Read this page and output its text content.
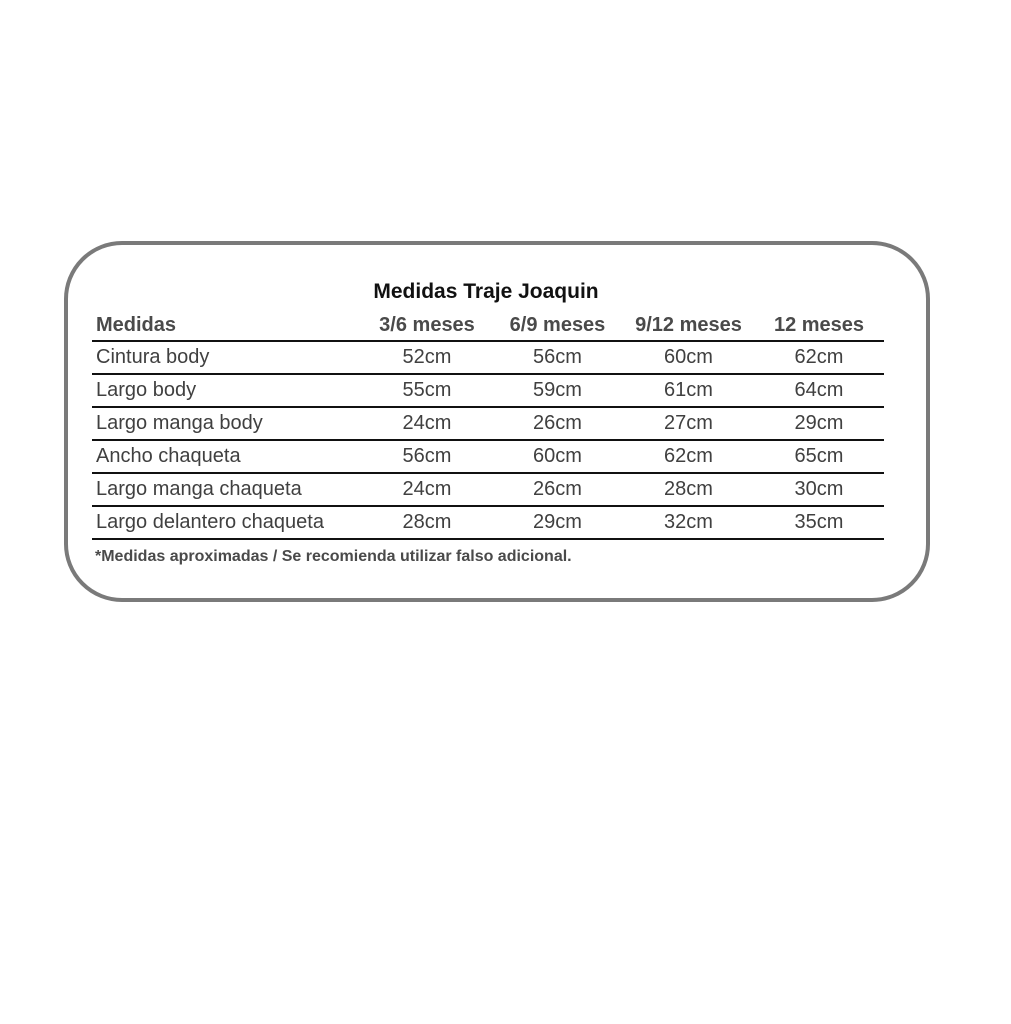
Medidas Traje Joaquin
Medidas	3/6 meses	6/9 meses	9/12 meses	12 meses
Cintura body	52cm	56cm	60cm	62cm
Largo body	55cm	59cm	61cm	64cm
Largo manga body	24cm	26cm	27cm	29cm
Ancho chaqueta	56cm	60cm	62cm	65cm
Largo manga chaqueta	24cm	26cm	28cm	30cm
Largo delantero chaqueta	28cm	29cm	32cm	35cm
*Medidas aproximadas / Se recomienda utilizar falso adicional.
